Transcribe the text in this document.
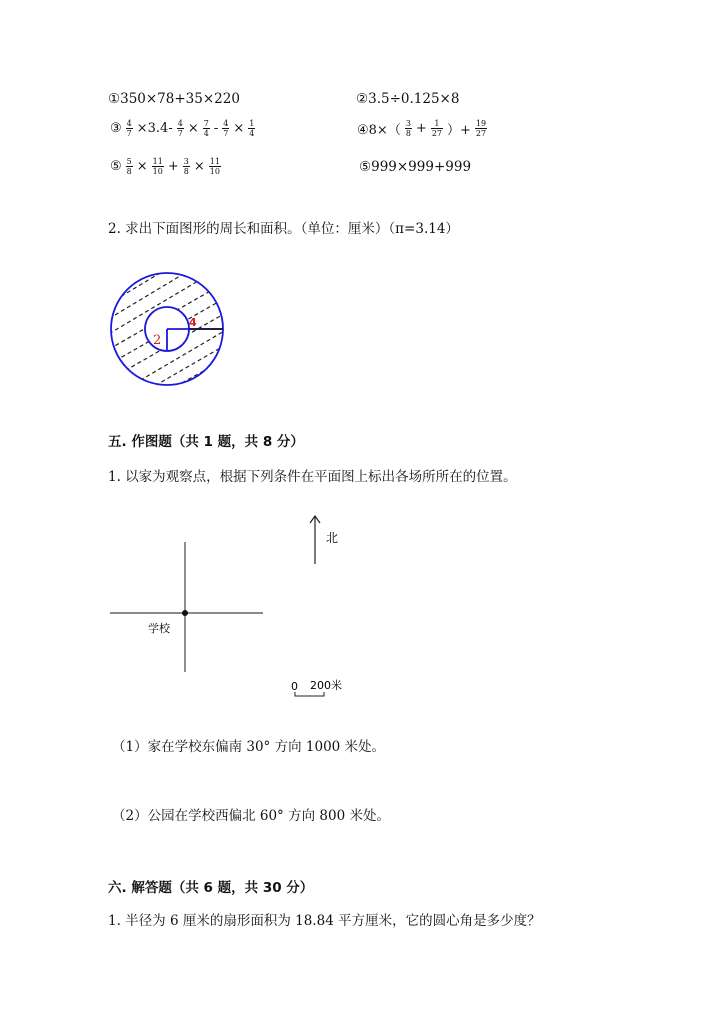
①350×78+35×220	②3.5÷0.125×8
③ $\frac{4}{7} \times 3.4- \frac{4}{7} \times \frac{7}{4} - \frac{4}{7} \times \frac{1}{4}$	④8×（ $\frac{3}{8} + \frac{1}{27}$ ）+ $\frac{19}{27}$
⑤ $\frac{5}{8} \times \frac{11}{10} + \frac{3}{8} \times \frac{11}{10}$	⑤999×999+999
2. 求出下面图形的周长和面积。（单位：厘米）（π=3.14）
2
4
五. 作图题（共 1 题，共 8 分）
1. 以家为观察点，根据下列条件在平面图上标出各场所所在的位置。
北
学校
0 200米
（1）家在学校东偏南 30° 方向 1000 米处。
（2）公园在学校西偏北 60° 方向 800 米处。
六. 解答题（共 6 题，共 30 分）
1. 半径为 6 厘米的扇形面积为 18.84 平方厘米，它的圆心角是多少度？
